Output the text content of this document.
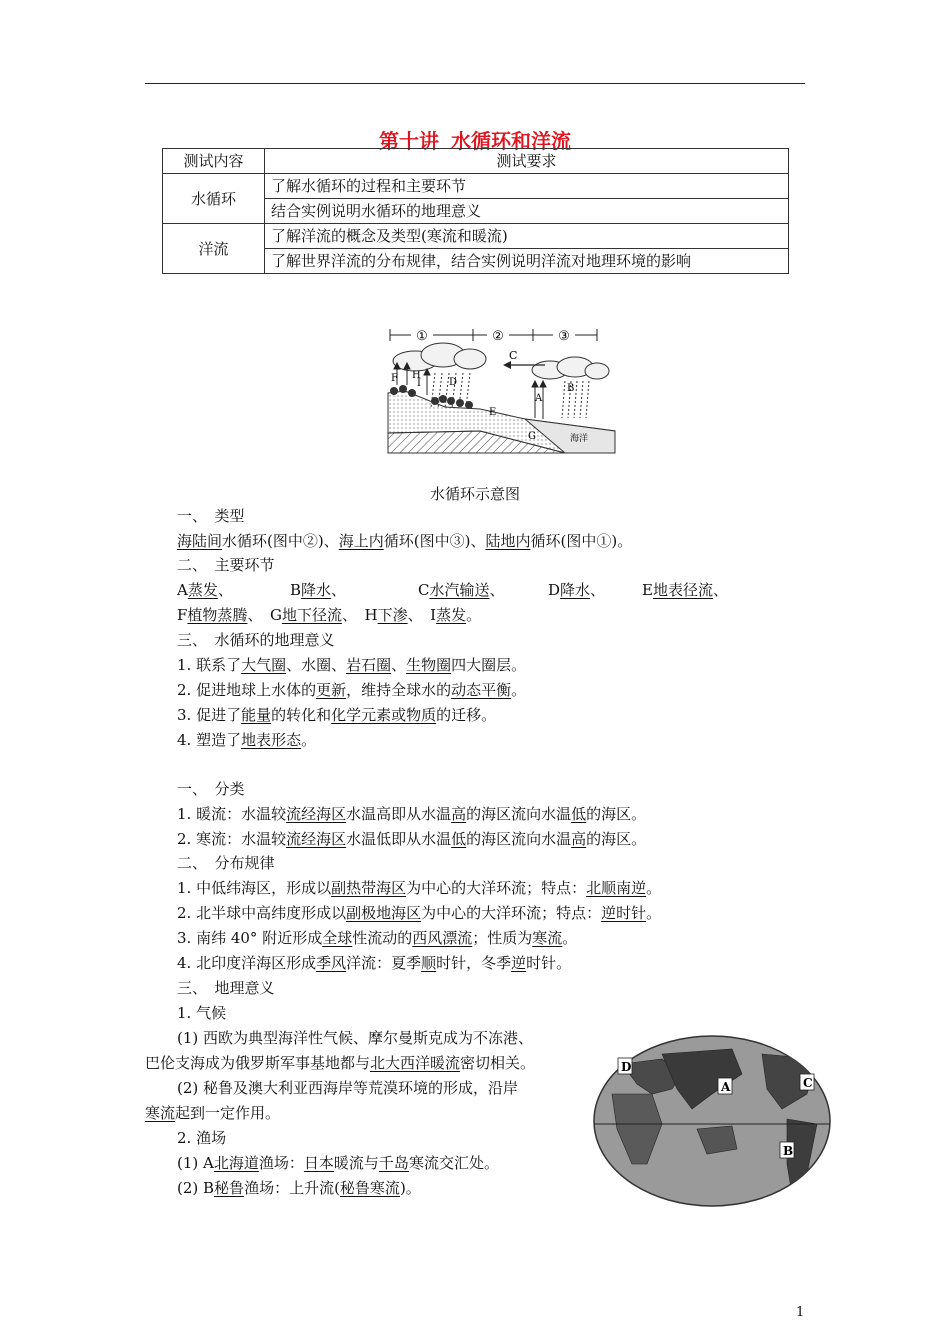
第十讲 水循环和洋流
测试内容	测试要求
水循环	了解水循环的过程和主要环节
	结合实例说明水循环的地理意义
洋流	了解洋流的概念及类型(寒流和暖流)
	了解世界洋流的分布规律，结合实例说明洋流对地理环境的影响
①	②	③
C
海洋
F H
I	D
E
G
A
B
水循环示意图
一、　类型
海陆间水循环(图中②)、海上内循环(图中③)、陆地内循环(图中①)。
二、　主要环节
A蒸发、	B降水、	C水汽输送、	D降水、 E地表径流、
F植物蒸腾、　 G地下径流、　 H下渗、　 I蒸发。
三、　水循环的地理意义
1. 联系了大气圈、水圈、岩石圈、生物圈四大圈层。
2. 促进地球上水体的更新，维持全球水的动态平衡。
3. 促进了能量的转化和化学元素或物质的迁移。
4. 塑造了地表形态。
一、　分类
1. 暖流：水温较流经海区水温高即从水温高的海区流向水温低的海区。
2. 寒流：水温较流经海区水温低即从水温低的海区流向水温高的海区。
二、　分布规律
1. 中低纬海区，形成以副热带海区为中心的大洋环流；特点：北顺南逆。
2. 北半球中高纬度形成以副极地海区为中心的大洋环流；特点：逆时针。
3. 南纬 40° 附近形成全球性流动的西风漂流；性质为寒流。
4. 北印度洋海区形成季风洋流：夏季顺时针，冬季逆时针。
三、　地理意义
1. 气候
(1) 西欧为典型海洋性气候、摩尔曼斯克成为不冻港、
巴伦支海成为俄罗斯军事基地都与北大西洋暖流密切相关。
(2) 秘鲁及澳大利亚西海岸等荒漠环境的形成，沿岸
寒流起到一定作用。
2. 渔场
(1) A北海道渔场：日本暖流与千岛寒流交汇处。
(2) B秘鲁渔场：上升流(秘鲁寒流)。
D
A	C
B
1
